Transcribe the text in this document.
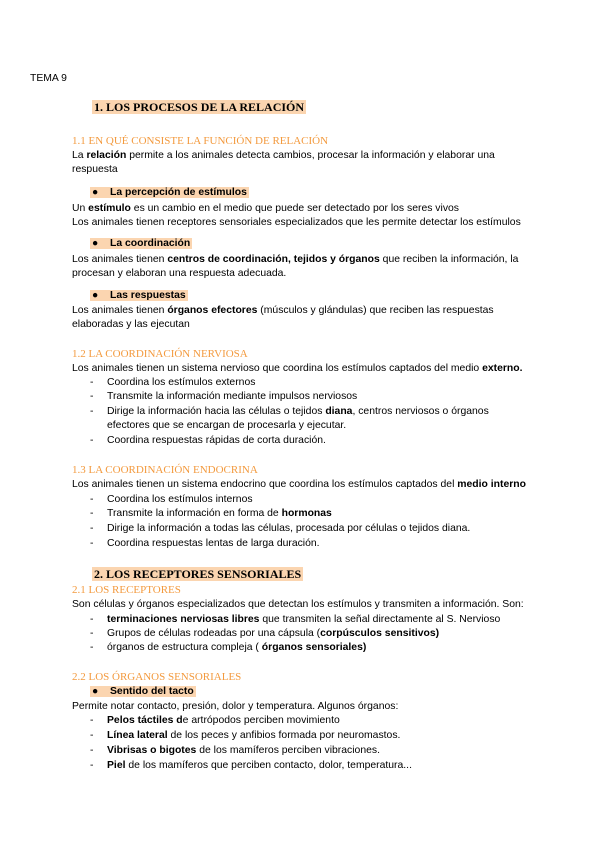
TEMA 9
1. LOS PROCESOS DE LA RELACIÓN
1.1 EN QUÉ CONSISTE LA FUNCIÓN DE RELACIÓN
La relación permite a los animales detecta cambios, procesar la información y elaborar una
respuesta
● La percepción de estímulos
Un estímulo es un cambio en el medio que puede ser detectado por los seres vivos
Los animales tienen receptores sensoriales especializados que les permite detectar los estímulos
● La coordinación
Los animales tienen centros de coordinación, tejidos y órganos que reciben la información, la
procesan y elaboran una respuesta adecuada.
● Las respuestas
Los animales tienen órganos efectores (músculos y glándulas) que reciben las respuestas
elaboradas y las ejecutan
1.2 LA COORDINACIÓN NERVIOSA
Los animales tienen un sistema nervioso que coordina los estímulos captados del medio externo.
- Coordina los estímulos externos
- Transmite la información mediante impulsos nerviosos
- Dirige la información hacia las células o tejidos diana, centros nerviosos o órganos
efectores que se encargan de procesarla y ejecutar.
- Coordina respuestas rápidas de corta duración.
1.3 LA COORDINACIÓN ENDOCRINA
Los animales tienen un sistema endocrino que coordina los estímulos captados del medio interno
- Coordina los estímulos internos
- Transmite la información en forma de hormonas
- Dirige la información a todas las células, procesada por células o tejidos diana.
- Coordina respuestas lentas de larga duración.
2. LOS RECEPTORES SENSORIALES
2.1 LOS RECEPTORES
Son células y órganos especializados que detectan los estímulos y transmiten a información. Son:
- terminaciones nerviosas libres que transmiten la señal directamente al S. Nervioso
- Grupos de células rodeadas por una cápsula (corpúsculos sensitivos)
- órganos de estructura compleja ( órganos sensoriales)
2.2 LOS ÓRGANOS SENSORIALES
● Sentido del tacto
Permite notar contacto, presión, dolor y temperatura. Algunos órganos:
- Pelos táctiles de artrópodos perciben movimiento
- Línea lateral de los peces y anfibios formada por neuromastos.
- Vibrisas o bigotes de los mamíferos perciben vibraciones.
- Piel de los mamíferos que perciben contacto, dolor, temperatura...
